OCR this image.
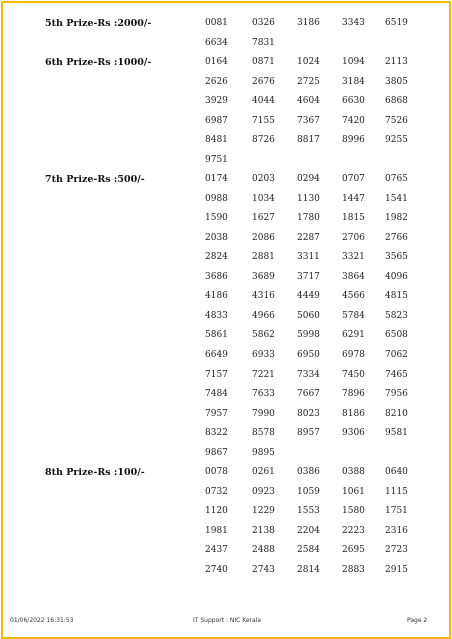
5th Prize-Rs :2000/-	0081	0326 3186 3343 6519
6634	7831
6th Prize-Rs :1000/-	0164	0871 1024 1094 2113
2626	2676 2725 3184 3805
3929	4044 4604 6630 6868
6987	7155 7367 7420 7526
8481	8726 8817 8996 9255
9751
7th Prize-Rs :500/-	0174	0203 0294 0707 0765
0988	1034 1130 1447 1541
1590	1627 1780 1815 1982
2038	2086 2287 2706 2766
2824	2881 3311 3321 3565
3686	3689 3717 3864 4096
4186	4316 4449 4566 4815
4833	4966 5060 5784 5823
5861	5862 5998 6291 6508
6649	6933 6950 6978 7062
7157	7221 7334 7450 7465
7484	7633 7667 7896 7956
7957	7990 8023 8186 8210
8322	8578 8957 9306 9581
9867	9895
8th Prize-Rs :100/-	0078	0261 0386 0388 0640
0732	0923 1059 1061 1115
1120	1229 1553 1580 1751
1981	2138 2204 2223 2316
2437	2488 2584 2695 2723
2740	2743 2814 2883 2915
01/06/2022 16:31:53	IT Support : NIC Kerala	Page 2
